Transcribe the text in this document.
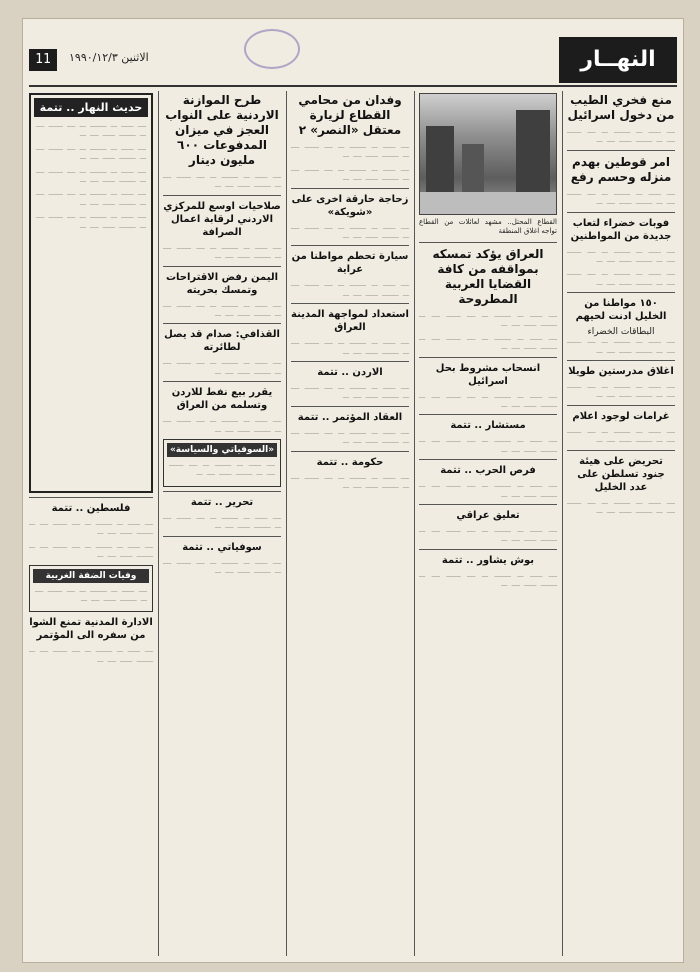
النهــار
الاثنين ١٩٩٠/١٢/٣
11
منع فخري الطيب من دخول اسرائيل
ــــ ــــــ ـــ ــــــــ ـــ ــــ ـــــــ ــــ ـــ ــــــــ ــــــ ــــ ـــ
امر قوطين بهدم منزله وحسم رفع
ــــ ــــــ ـــ ــــــــ ـــ ــــ ـــــــ ــــ ـــ ــــــــ ــــــ ــــ ـــ
فوبات خضراء لتعاب جديدة من المواطنين
ــــ ــــــ ـــ ــــــــ ـــ ــــ ـــــــ ــــ ـــ ــــــــ ــــــ ــــ ـــ
ــــ ــــــ ـــ ــــــــ ـــ ــــ ـــــــ ــــ ـــ ــــــــ ــــــ ــــ ـــ
١٥٠ مواطنا من الخليل ادنت لحيهم
البطاقات الخضراء
ــــ ــــــ ـــ ــــــــ ـــ ــــ ـــــــ ــــ ـــ ــــــــ ــــــ ــــ ـــ
اغلاق مدرستين طويلا
ــــ ــــــ ـــ ــــــــ ـــ ــــ ـــــــ ــــ ـــ ــــــــ ــــــ ــــ ـــ
غرامات لوجود اعلام
ــــ ــــــ ـــ ــــــــ ـــ ــــ ـــــــ ــــ ـــ ــــــــ ــــــ ــــ ـــ
تحريض على هيئة جنود تسلطن على عدد الخليل
ــــ ــــــ ـــ ــــــــ ـــ ــــ ـــــــ ــــ ـــ ــــــــ ــــــ ــــ ـــ
القطاع المحتل.. مشهد لعائلات من القطاع تواجه اغلاق المنطقة
العراق يؤكد تمسكه بمواقفه من كافة القضايا العربية المطروحة
ــــ ــــــ ـــ ــــــــ ـــ ــــ ـــــــ ــــ ـــ ــــــــ ــــــ ــــ ـــ
ــــ ــــــ ـــ ــــــــ ـــ ــــ ـــــــ ــــ ـــ ــــــــ ــــــ ــــ ـــ
انسحاب مشروط بحل اسرائيل
ــــ ــــــ ـــ ــــــــ ـــ ــــ ـــــــ ــــ ـــ ــــــــ ــــــ ــــ ـــ
مستشار .. تتمة
ــــ ــــــ ـــ ــــــــ ـــ ــــ ـــــــ ــــ ـــ ــــــــ ــــــ ــــ ـــ
فرص الحرب .. تتمة
ــــ ــــــ ـــ ــــــــ ـــ ــــ ـــــــ ــــ ـــ ــــــــ ــــــ ــــ ـــ
تعليق عراقي
ــــ ــــــ ـــ ــــــــ ـــ ــــ ـــــــ ــــ ـــ ــــــــ ــــــ ــــ ـــ
بوش يشاور .. تتمة
ــــ ــــــ ـــ ــــــــ ـــ ــــ ـــــــ ــــ ـــ ــــــــ ــــــ ــــ ـــ
وفدان من محامي القطاع لزيارة معتقل «النصر» ٢
ــــ ــــــ ـــ ــــــــ ـــ ــــ ـــــــ ــــ ـــ ــــــــ ــــــ ــــ ـــ
ــــ ــــــ ـــ ــــــــ ـــ ــــ ـــــــ ــــ ـــ ــــــــ ــــــ ــــ ـــ
زحاجة حارقة اخرى على «شويكة»
ــــ ــــــ ـــ ــــــــ ـــ ــــ ـــــــ ــــ ـــ ــــــــ ــــــ ــــ ـــ
سيارة تحطم مواطنا من عراية
ــــ ــــــ ـــ ــــــــ ـــ ــــ ـــــــ ــــ ـــ ــــــــ ــــــ ــــ ـــ
استعداد لمواجهة المدينة العراق
ــــ ــــــ ـــ ــــــــ ـــ ــــ ـــــــ ــــ ـــ ــــــــ ــــــ ــــ ـــ
الاردن .. تتمة
ــــ ــــــ ـــ ــــــــ ـــ ــــ ـــــــ ــــ ـــ ــــــــ ــــــ ــــ ـــ
العقاد المؤتمر .. تتمة
ــــ ــــــ ـــ ــــــــ ـــ ــــ ـــــــ ــــ ـــ ــــــــ ــــــ ــــ ـــ
حكومة .. تتمة
ــــ ــــــ ـــ ــــــــ ـــ ــــ ـــــــ ــــ ـــ ــــــــ ــــــ ــــ ـــ
طرح الموازنة الاردنية على النواب العجز في ميزان المدفوعات ٦٠٠ مليون دينار
ــــ ــــــ ـــ ــــــــ ـــ ــــ ـــــــ ــــ ـــ ــــــــ ــــــ ــــ ـــ
صلاحيات اوسع للمركزي الاردني لرقابة اعمال الصرافة
ــــ ــــــ ـــ ــــــــ ـــ ــــ ـــــــ ــــ ـــ ــــــــ ــــــ ــــ ـــ
اليمن رفض الاقتراحات وتمسك بحريته
ــــ ــــــ ـــ ــــــــ ـــ ــــ ـــــــ ــــ ـــ ــــــــ ــــــ ــــ ـــ
القذافي: صدام قد يصل لطائرته
ــــ ــــــ ـــ ــــــــ ـــ ــــ ـــــــ ــــ ـــ ــــــــ ــــــ ــــ ـــ
يقرر بيع نفط للاردن وتسلمه من العراق
ــــ ــــــ ـــ ــــــــ ـــ ــــ ـــــــ ــــ ـــ ــــــــ ــــــ ــــ ـــ
«السوفياتي والسياسة»
ــــ ــــــ ـــ ــــــــ ـــ ــــ ـــــــ ــــ ـــ ــــــــ ــــــ ــــ ـــ
تحرير .. تتمة
ــــ ــــــ ـــ ــــــــ ـــ ــــ ـــــــ ــــ ـــ ــــــــ ــــــ ــــ ـــ
سوفياتي .. تتمة
ــــ ــــــ ـــ ــــــــ ـــ ــــ ـــــــ ــــ ـــ ــــــــ ــــــ ــــ ـــ
حديث النهار .. تتمة
ــــ ــــــ ـــ ــــــــ ـــ ــــ ـــــــ ــــ ـــ ــــــــ ــــــ ــــ ـــ
ــــ ــــــ ـــ ــــــــ ـــ ــــ ـــــــ ــــ ـــ ــــــــ ــــــ ــــ ـــ
ــــ ــــــ ـــ ــــــــ ـــ ــــ ـــــــ ــــ ـــ ــــــــ ــــــ ــــ ـــ
ــــ ــــــ ـــ ــــــــ ـــ ــــ ـــــــ ــــ ـــ ــــــــ ــــــ ــــ ـــ
ــــ ــــــ ـــ ــــــــ ـــ ــــ ـــــــ ــــ ـــ ــــــــ ــــــ ــــ ـــ
فلسطين .. تتمة
ــــ ــــــ ـــ ــــــــ ـــ ــــ ـــــــ ــــ ـــ ــــــــ ــــــ ــــ ـــ
ــــ ــــــ ـــ ــــــــ ـــ ــــ ـــــــ ــــ ـــ ــــــــ ــــــ ــــ ـــ
وفيات الضفة الغربية
ــــ ــــــ ـــ ــــــــ ـــ ــــ ـــــــ ــــ ـــ ــــــــ ــــــ ــــ ـــ
الادارة المدنية تمنع الشوا من سفره الى المؤتمر
ــــ ــــــ ـــ ــــــــ ـــ ــــ ـــــــ ــــ ـــ ــــــــ ــــــ ــــ ـــ
